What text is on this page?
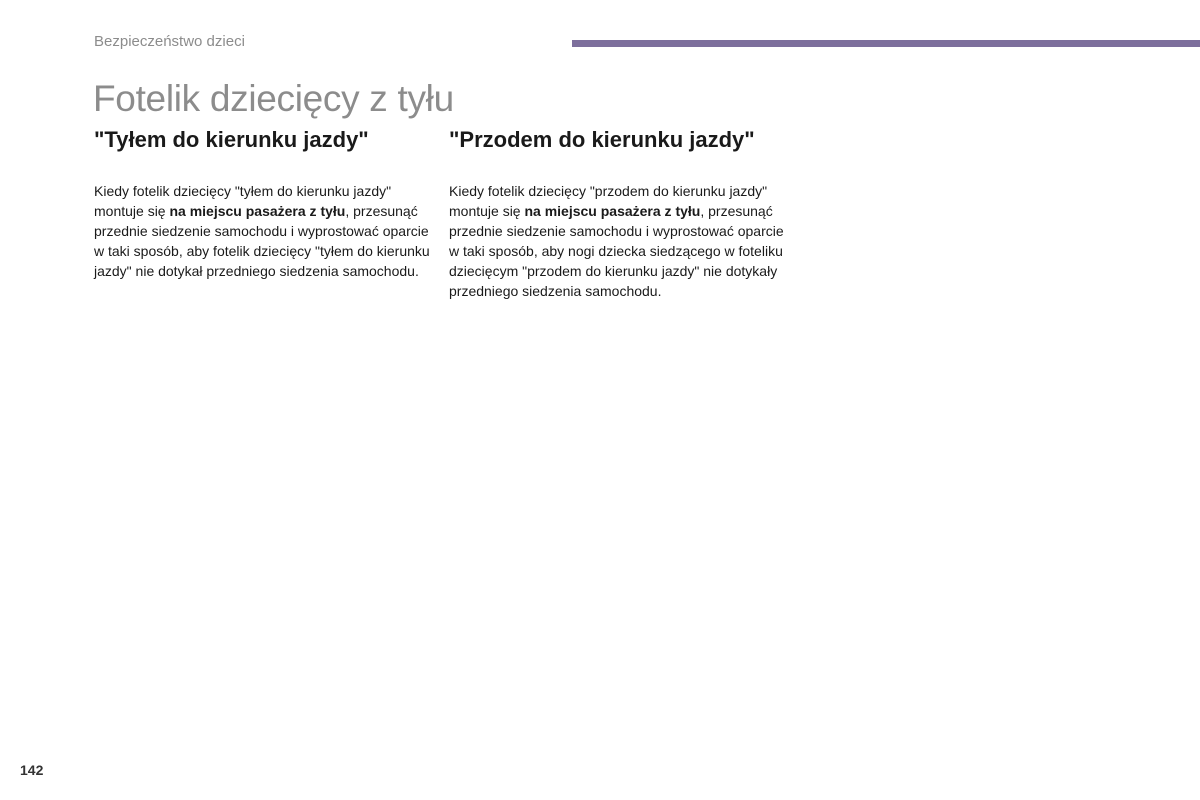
Bezpieczeństwo dzieci
Fotelik dziecięcy z tyłu
"Tyłem do kierunku jazdy"

Kiedy fotelik dziecięcy "tyłem do kierunku jazdy" montuje się na miejscu pasażera z tyłu, przesunąć przednie siedzenie samochodu i wyprostować oparcie w taki sposób, aby fotelik dziecięcy "tyłem do kierunku jazdy" nie dotykał przedniego siedzenia samochodu.

"Przodem do kierunku jazdy"

Kiedy fotelik dziecięcy "przodem do kierunku jazdy" montuje się na miejscu pasażera z tyłu, przesunąć przednie siedzenie samochodu i wyprostować oparcie w taki sposób, aby nogi dziecka siedzącego w foteliku dziecięcym "przodem do kierunku jazdy" nie dotykały przedniego siedzenia samochodu.

142
